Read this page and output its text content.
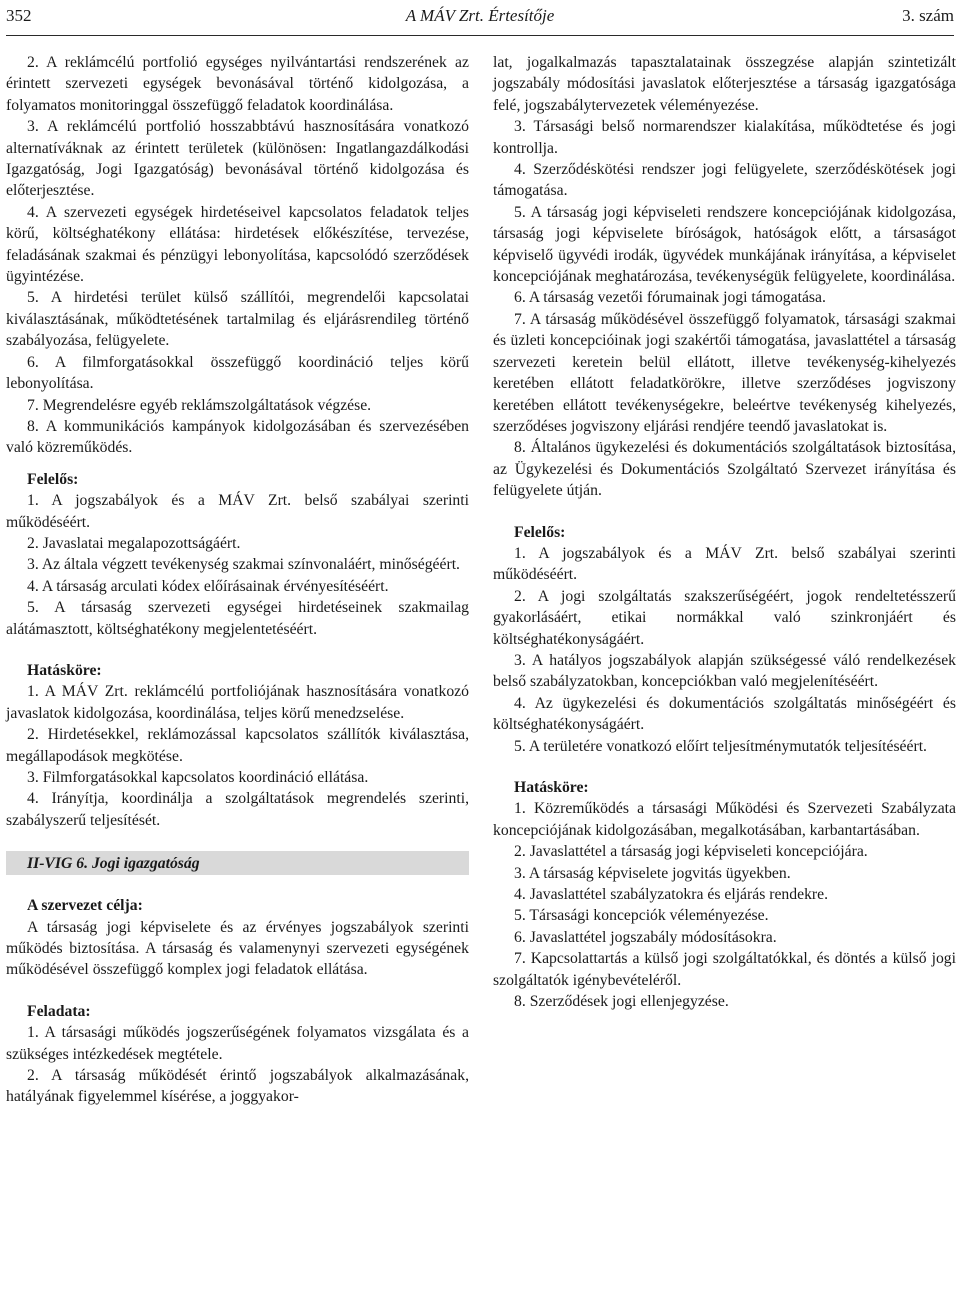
352	A MÁV Zrt. Értesítője	3. szám

2. A reklámcélú portfolió egységes nyilvántartási rendszerének az érintett szervezeti egységek bevonásával történő kidolgozása, a folyamatos monitoringgal összefüggő feladatok koordinálása.

3. A reklámcélú portfolió hosszabbtávú hasznosítására vonatkozó alternatíváknak az érintett területek (különösen: Ingatlangazdálkodási Igazgatóság, Jogi Igazgatóság) bevonásával történő kidolgozása és előterjesztése.

4. A szervezeti egységek hirdetéseivel kapcsolatos feladatok teljes körű, költséghatékony ellátása: hirdetések előkészítése, tervezése, feladásának szakmai és pénzügyi lebonyolítása, kapcsolódó szerződések ügyintézése.

5. A hirdetési terület külső szállítói, megrendelői kapcsolatai kiválasztásának, működtetésének tartalmilag és eljárásrendileg történő szabályozása, felügyelete.

6. A filmforgatásokkal összefüggő koordináció teljes körű lebonyolítása.

7. Megrendelésre egyéb reklámszolgáltatások végzése.

8. A kommunikációs kampányok kidolgozásában és szervezésében való közreműködés.

Felelős:

1. A jogszabályok és a MÁV Zrt. belső szabályai szerinti működéséért.

2. Javaslatai megalapozottságáért.

3. Az általa végzett tevékenység szakmai színvonaláért, minőségéért.

4. A társaság arculati kódex előírásainak érvényesítéséért.

5. A társaság szervezeti egységei hirdetéseinek szakmailag alátámasztott, költséghatékony megjelentetéséért.

Hatásköre:

1. A MÁV Zrt. reklámcélú portfoliójának hasznosítására vonatkozó javaslatok kidolgozása, koordinálása, teljes körű menedzselése.

2. Hirdetésekkel, reklámozással kapcsolatos szállítók kiválasztása, megállapodások megkötése.

3. Filmforgatásokkal kapcsolatos koordináció ellátása.

4. Irányítja, koordinálja a szolgáltatások megrendelés szerinti, szabályszerű teljesítését.

II-VIG 6. Jogi igazgatóság

A szervezet célja:

A társaság jogi képviselete és az érvényes jogszabályok szerinti működés biztosítása. A társaság és valamenynyi szervezeti egységének működésével összefüggő komplex jogi feladatok ellátása.

Feladata:

1. A társasági működés jogszerűségének folyamatos vizsgálata és a szükséges intézkedések megtétele.

2. A társaság működését érintő jogszabályok alkalmazásának, hatályának figyelemmel kísérése, a joggyakor-

lat, jogalkalmazás tapasztalatainak összegzése alapján szintetizált jogszabály módosítási javaslatok előterjesztése a társaság igazgatósága felé, jogszabálytervezetek véleményezése.

3. Társasági belső normarendszer kialakítása, működtetése és jogi kontrollja.

4. Szerződéskötési rendszer jogi felügyelete, szerződéskötések jogi támogatása.

5. A társaság jogi képviseleti rendszere koncepciójának kidolgozása, társaság jogi képviselete bíróságok, hatóságok előtt, a társaságot képviselő ügyvédi irodák, ügyvédek munkájának irányítása, a képviselet koncepciójának meghatározása, tevékenységük felügyelete, koordinálása.

6. A társaság vezetői fórumainak jogi támogatása.

7. A társaság működésével összefüggő folyamatok, társasági szakmai és üzleti koncepcióinak jogi szakértői támogatása, javaslattétel a társaság szervezeti keretein belül ellátott, illetve tevékenység-kihelyezés keretében ellátott feladatkörökre, illetve szerződéses jogviszony keretében ellátott tevékenységekre, beleértve tevékenység kihelyezés, szerződéses jogviszony eljárási rendjére teendő javaslatokat is.

8. Általános ügykezelési és dokumentációs szolgáltatások biztosítása, az Ügykezelési és Dokumentációs Szolgáltató Szervezet irányítása és felügyelete útján.

Felelős:

1. A jogszabályok és a MÁV Zrt. belső szabályai szerinti működéséért.

2. A jogi szolgáltatás szakszerűségéért, jogok rendeltetésszerű gyakorlásáért, etikai normákkal való szinkronjáért és költséghatékonyságáért.

3. A hatályos jogszabályok alapján szükségessé váló rendelkezések belső szabályzatokban, koncepciókban való megjelenítéséért.

4. Az ügykezelési és dokumentációs szolgáltatás minőségéért és költséghatékonyságáért.

5. A területére vonatkozó előírt teljesítménymutatók teljesítéséért.

Hatásköre:

1. Közreműködés a társasági Működési és Szervezeti Szabályzata koncepciójának kidolgozásában, megalkotásában, karbantartásában.

2. Javaslattétel a társaság jogi képviseleti koncepciójára.

3. A társaság képviselete jogvitás ügyekben.

4. Javaslattétel szabályzatokra és eljárás rendekre.

5. Társasági koncepciók véleményezése.

6. Javaslattétel jogszabály módosításokra.

7. Kapcsolattartás a külső jogi szolgáltatókkal, és döntés a külső jogi szolgáltatók igénybevételéről.

8. Szerződések jogi ellenjegyzése.
